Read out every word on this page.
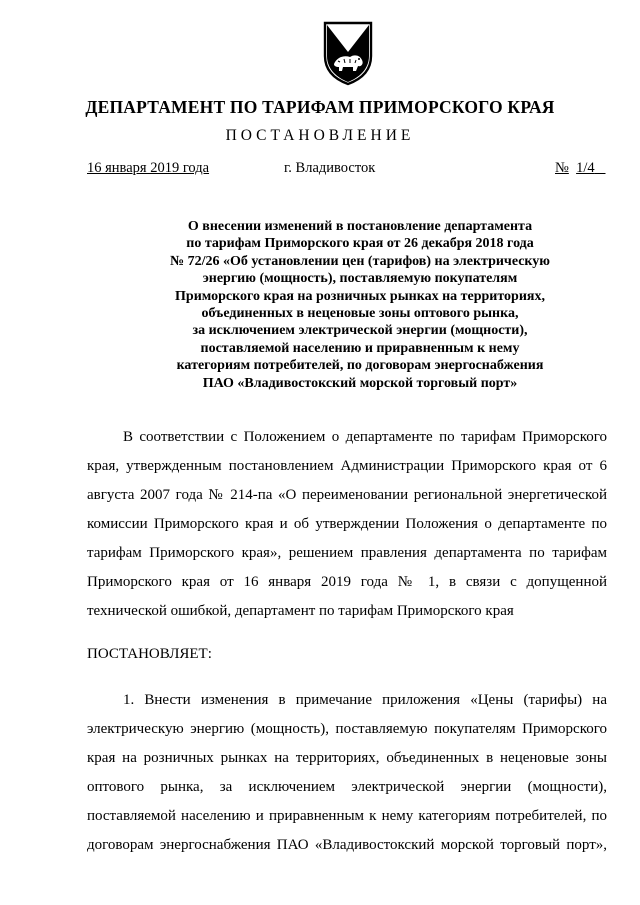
ДЕПАРТАМЕНТ ПО ТАРИФАМ ПРИМОРСКОГО КРАЯ
ПОСТАНОВЛЕНИЕ
16 января 2019 года	г. Владивосток	№ 1/4
О внесении изменений в постановление департамента
по тарифам Приморского края от 26 декабря 2018 года
№ 72/26 «Об установлении цен (тарифов) на электрическую
энергию (мощность), поставляемую покупателям
Приморского края на розничных рынках на территориях,
объединенных в неценовые зоны оптового рынка,
за исключением электрической энергии (мощности),
поставляемой населению и приравненным к нему
категориям потребителей, по договорам энергоснабжения
ПАО «Владивостокский морской торговый порт»
В соответствии с Положением о департаменте по тарифам Приморского
края, утвержденным постановлением Администрации Приморского края от 6
августа 2007 года № 214-па «О переименовании региональной энергетической
комиссии Приморского края и об утверждении Положения о департаменте по
тарифам Приморского края», решением правления департамента по тарифам
Приморского края от 16 января 2019 года № 1, в связи с допущенной
технической ошибкой, департамент по тарифам Приморского края
ПОСТАНОВЛЯЕТ:
1. Внести изменения в примечание приложения «Цены (тарифы) на
электрическую энергию (мощность), поставляемую покупателям Приморского
края на розничных рынках на территориях, объединенных в неценовые зоны
оптового рынка, за исключением электрической энергии (мощности),
поставляемой населению и приравненным к нему категориям потребителей, по
договорам энергоснабжения ПАО «Владивостокский морской торговый порт»,
